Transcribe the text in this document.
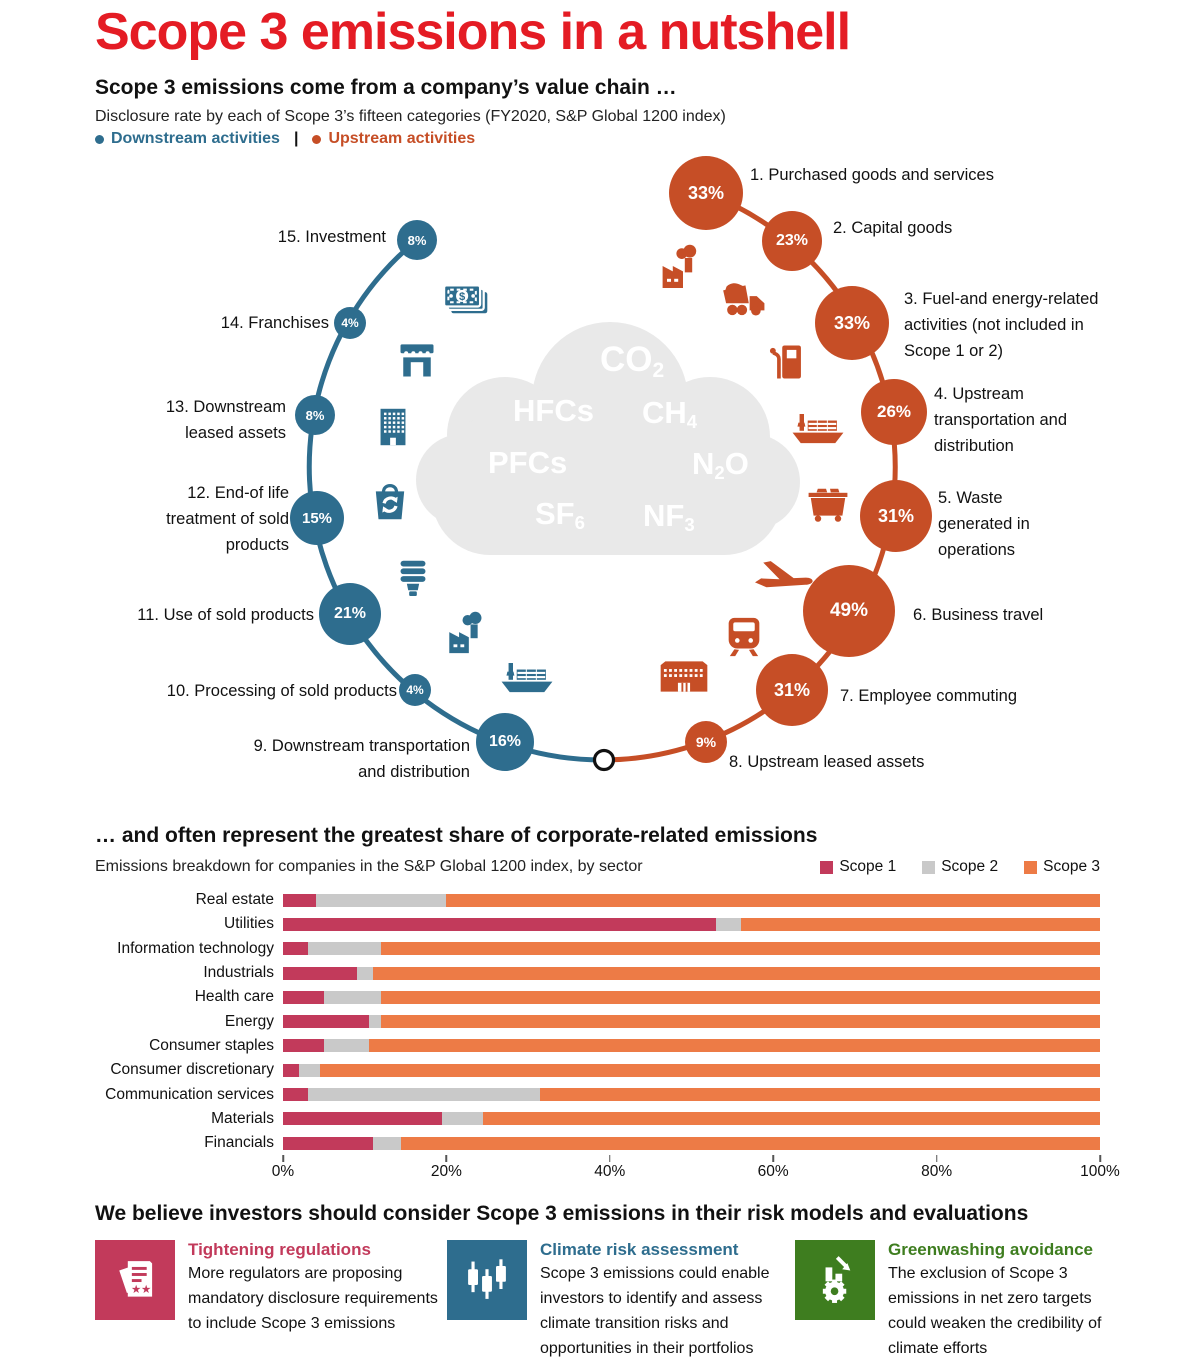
Scope 3 emissions in a nutshell
Scope 3 emissions come from a company’s value chain …
Disclosure rate by each of Scope 3’s fifteen categories (FY2020, S&P Global 1200 index)
Downstream activities | Upstream activities
CO2
HFCs CH4
PFCs	N2O
SF6 NF3
33%
1. Purchased goods and services
23%
2. Capital goods
33%
3. Fuel-and energy-related
activities (not included in
Scope 1 or 2)
26%
4. Upstream
transportation and
distribution
31%
5. Waste
generated in
operations
49%	6. Business travel
31%	7. Employee commuting
9%
8. Upstream leased assets
16%
9. Downstream transportation
and distribution
4%
10. Processing of sold products
21%
11. Use of sold products
15%
12. End-of life
treatment of sold
products
8%
13. Downstream
leased assets
4%
14. Franchises
$
8%
15. Investment
… and often represent the greatest share of corporate-related emissions
Emissions breakdown for companies in the S&P Global 1200 index, by sector	Scope 1	Scope 2	Scope 3
Real estate
Utilities
Information technology
Industrials
Health care
Energy
Consumer staples
Consumer discretionary
Communication services
Materials
Financials
0%	20%	40%	60%	80%	100%
We believe investors should consider Scope 3 emissions in their risk models and evaluations
★★
Tightening regulations
More regulators are proposing mandatory disclosure requirements to include Scope 3 emissions
Climate risk assessment
Scope 3 emissions could enable investors to identify and assess climate transition risks and opportunities in their portfolios
Greenwashing avoidance
The exclusion of Scope 3 emissions in net zero targets could weaken the credibility of climate efforts
